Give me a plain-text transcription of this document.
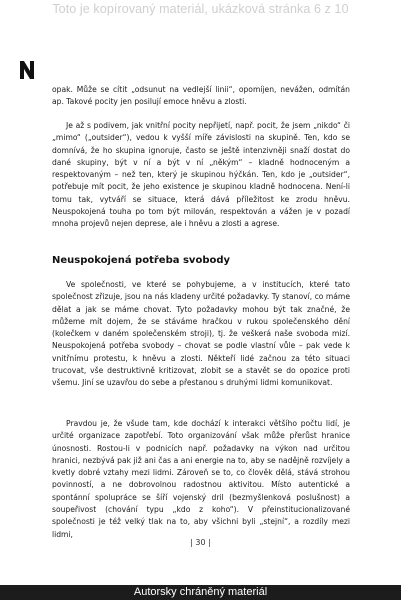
Toto je kopírovaný materiál, ukázková stránka 6 z 10

opak. Může se cítit „odsunut na vedlejší linii“, opomíjen, nevážen, odmítán ap. Takové pocity jen posilují emoce hněvu a zlosti.

Je až s podivem, jak vnitřní pocity nepřijetí, např. pocit, že jsem „nikdo“ či „mimo“ („outsider“), vedou k vyšší míře závislosti na skupině. Ten, kdo se domnívá, že ho skupina ignoruje, často se ještě intenzivněji snaží dostat do dané skupiny, být v ní a být v ní „někým“ – kladně hodnoceným a respektovaným – než ten, který je skupinou hýčkán. Ten, kdo je „outsider“, potřebuje mít pocit, že jeho existence je skupinou kladně hodnocena. Není-li tomu tak, vytváří se situace, která dává příležitost ke zrodu hněvu. Neuspokojená touha po tom být milován, respektován a vážen je v pozadí mnoha projevů nejen deprese, ale i hněvu a zlosti a agrese.

Neuspokojená potřeba svobody

Ve společnosti, ve které se pohybujeme, a v institucích, které tato společnost zřizuje, jsou na nás kladeny určité požadavky. Ty stanoví, co máme dělat a jak se máme chovat. Tyto požadavky mohou být tak značné, že můžeme mít dojem, že se stáváme hračkou v rukou společenského dění (kolečkem v daném společenském stroji), tj. že veškerá naše svoboda mizí. Neuspokojená potřeba svobody – chovat se podle vlastní vůle – pak vede k vnitřnímu protestu, k hněvu a zlosti. Někteří lidé začnou za této situaci trucovat, vše destruktivně kritizovat, zlobit se a stavět se do opozice proti všemu. Jiní se uzavřou do sebe a přestanou s druhými lidmi komunikovat.

Pravdou je, že všude tam, kde dochází k interakci většího počtu lidí, je určité organizace zapotřebí. Toto organizování však může přerůst hranice únosnosti. Rostou-li v podnicích např. požadavky na výkon nad určitou hranici, nezbývá pak již ani čas a ani energie na to, aby se nadějně rozvíjely a kvetly dobré vztahy mezi lidmi. Zároveň se to, co člověk dělá, stává strohou povinností, a ne dobrovolnou radostnou aktivitou. Místo autentické a spontánní spolupráce se šíří vojenský dril (bezmyšlenková poslušnost) a soupeřivost (chování typu „kdo z koho“). V přeinstitucionalizované společnosti je též velký tlak na to, aby všichni byli „stejní“, a rozdíly mezi lidmi,

| 30 |
Autorsky chráněný materiál
